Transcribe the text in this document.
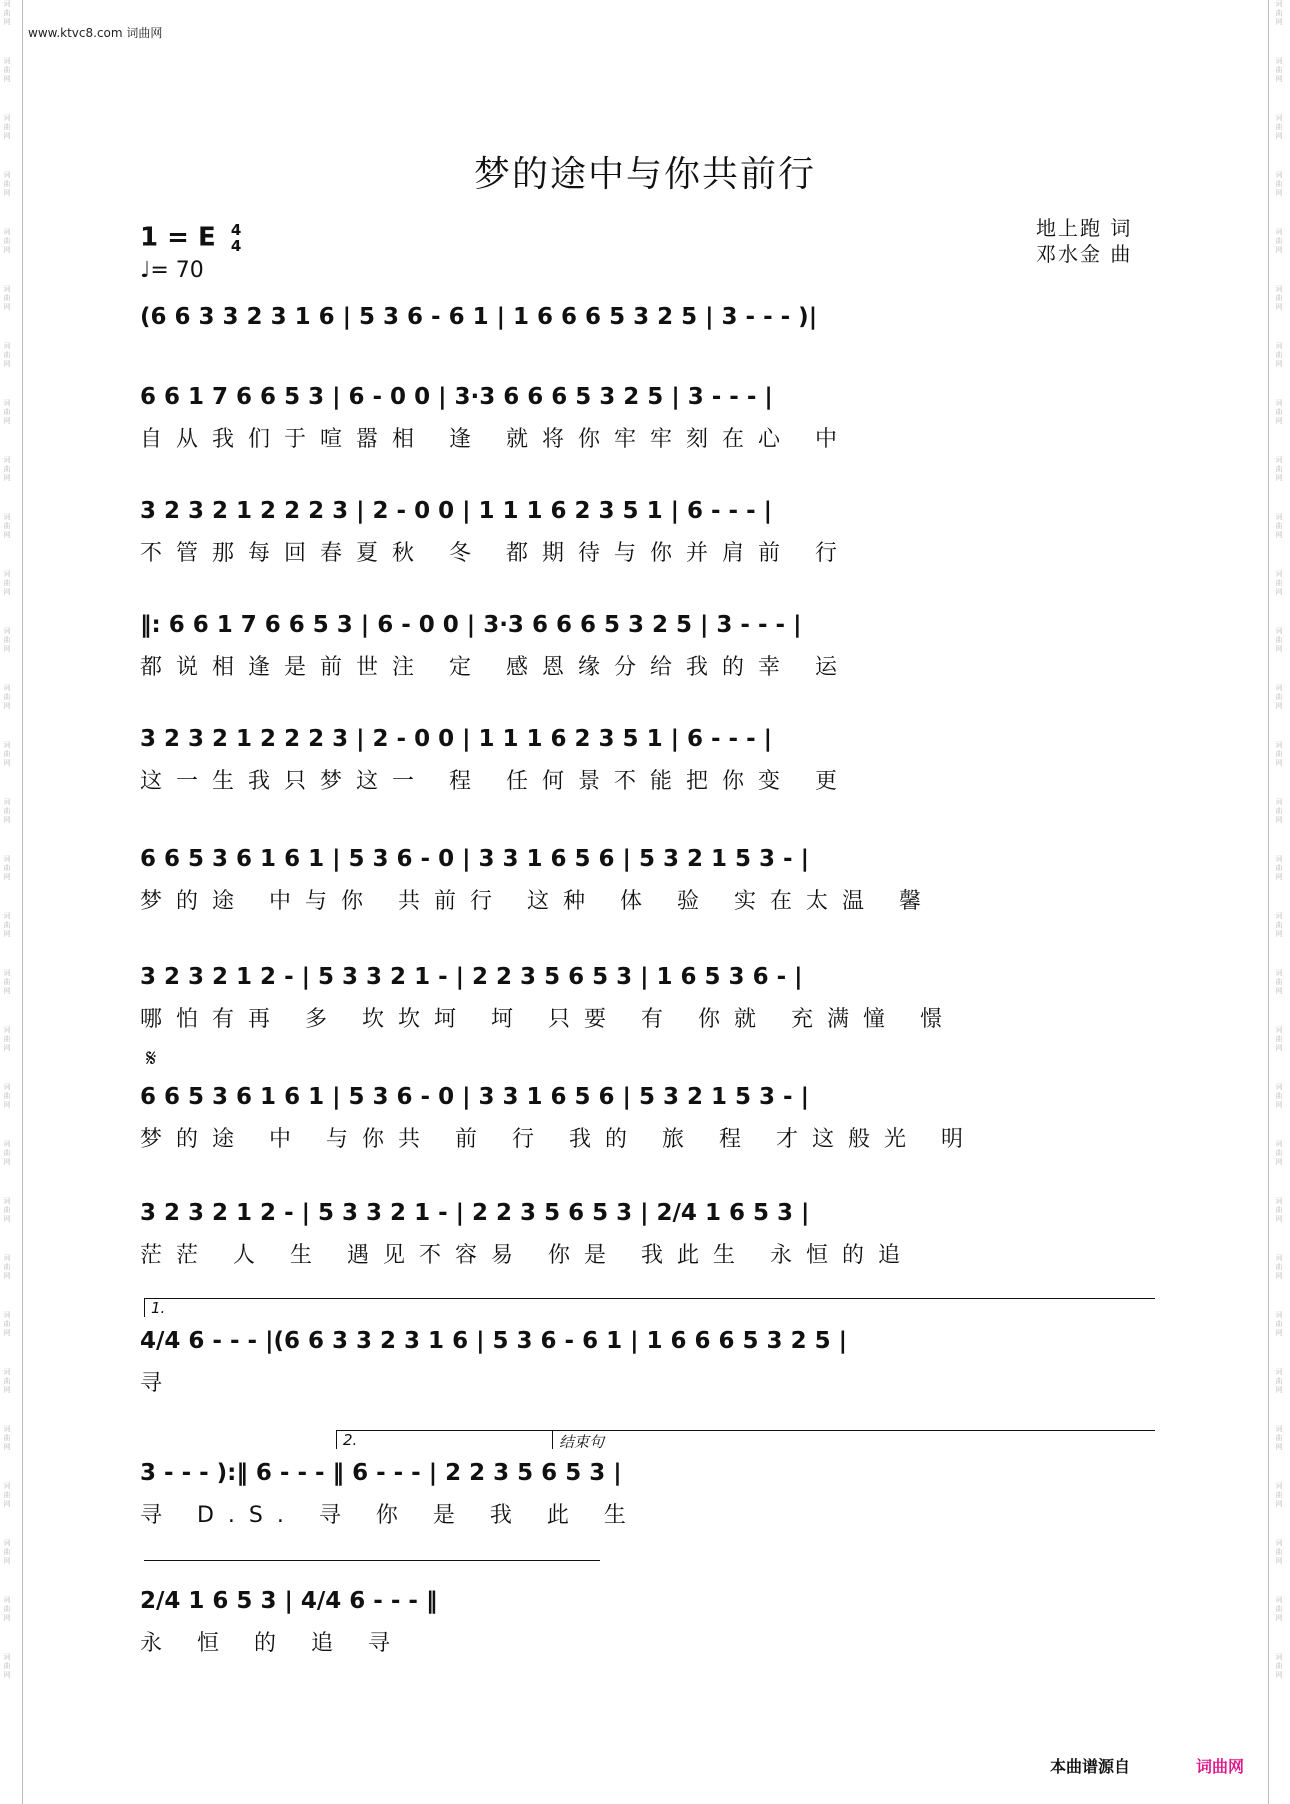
词曲网
词曲网
词曲网
词曲网
词曲网
词曲网
词曲网
词曲网
词曲网
词曲网
词曲网
词曲网
词曲网
词曲网
词曲网
词曲网
词曲网
词曲网
词曲网
词曲网
词曲网
词曲网
词曲网
词曲网
词曲网
词曲网
词曲网
词曲网
词曲网
词曲网
词曲网
词曲网
词曲网
词曲网
词曲网
词曲网
词曲网
词曲网
词曲网
词曲网
词曲网
词曲网
词曲网
词曲网
词曲网
词曲网
词曲网
词曲网
词曲网
词曲网
词曲网
词曲网
词曲网
词曲网
词曲网
词曲网
词曲网
词曲网
词曲网
词曲网
www.ktvc8.com 词曲网
梦的途中与你共前行
1 = E 4
4
♩= 70
地上跑 词
邓水金 曲
(6 6 3 3 2 3 1 6 | 5 3 6 - 6 1 | 1 6 6 6 5 3 2 5 | 3 - - - )|
6 6 1 7 6 6 5 3 | 6 - 0 0 | 3·3 6 6 6 5 3 2 5 | 3 - - - |
自从我们于喧嚣相 逢 就将你牢牢刻在心 中
3 2 3 2 1 2 2 2 3 | 2 - 0 0 | 1 1 1 6 2 3 5 1 | 6 - - - |
不管那每回春夏秋 冬 都期待与你并肩前 行
‖: 6 6 1 7 6 6 5 3 | 6 - 0 0 | 3·3 6 6 6 5 3 2 5 | 3 - - - |
都说相逢是前世注 定 感恩缘分给我的幸 运
3 2 3 2 1 2 2 2 3 | 2 - 0 0 | 1 1 1 6 2 3 5 1 | 6 - - - |
这一生我只梦这一 程 任何景不能把你变 更
6 6 5 3 6 1 6 1 | 5 3 6 - 0 | 3 3 1 6 5 6 | 5 3 2 1 5 3 - |
梦的途 中与你 共前行 这种 体 验 实在太温 馨
3 2 3 2 1 2 - | 5 3 3 2 1 - | 2 2 3 5 6 5 3 | 1 6 5 3 6 - |
哪怕有再 多 坎坎坷 坷 只要 有 你就 充满憧 憬
𝄋
6 6 5 3 6 1 6 1 | 5 3 6 - 0 | 3 3 1 6 5 6 | 5 3 2 1 5 3 - |
梦的途 中 与你共 前 行 我的 旅 程 才这般光 明
3 2 3 2 1 2 - | 5 3 3 2 1 - | 2 2 3 5 6 5 3 | 2/4 1 6 5 3 |
茫茫 人 生 遇见不容易 你是 我此生 永恒的追
1.
4/4 6 - - - |(6 6 3 3 2 3 1 6 | 5 3 6 - 6 1 | 1 6 6 6 5 3 2 5 |
寻
2.	结束句
3 - - - ):‖ 6 - - - ‖ 6 - - - | 2 2 3 5 6 5 3 |
寻 D.S. 寻 你 是 我 此 生
2/4 1 6 5 3 | 4/4 6 - - - ‖
永 恒 的 追 寻
本曲谱源自	词曲网
